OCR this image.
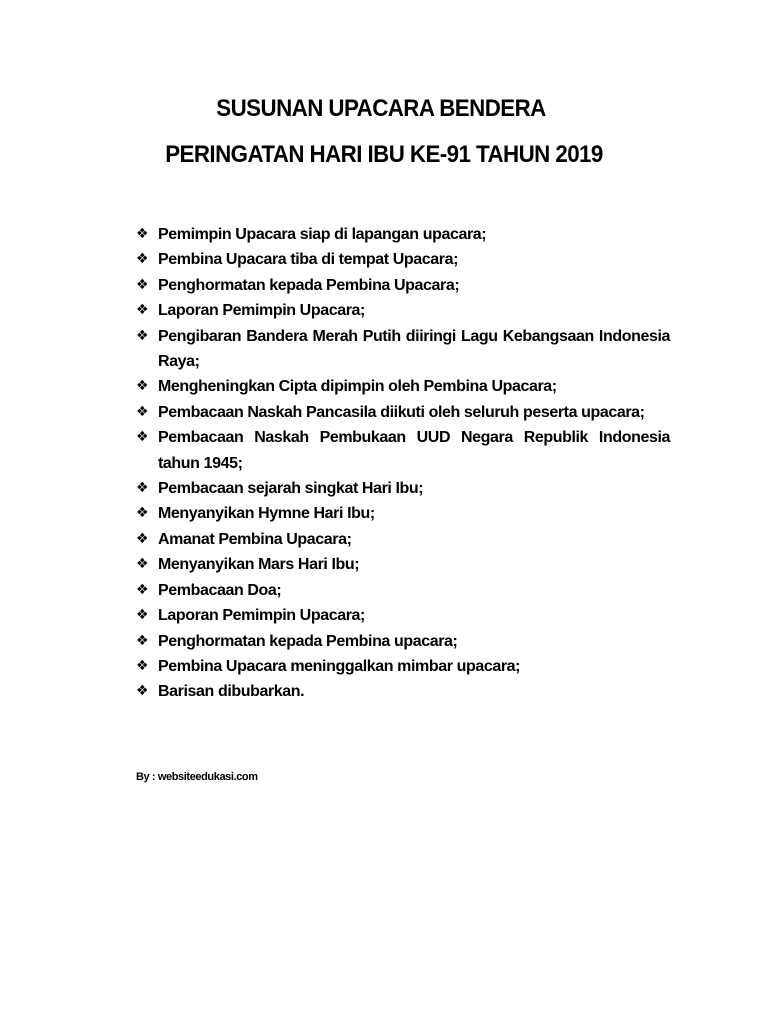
SUSUNAN UPACARA BENDERA
PERINGATAN HARI IBU KE-91 TAHUN 2019
❖ Pemimpin Upacara siap di lapangan upacara;
❖ Pembina Upacara tiba di tempat Upacara;
❖ Penghormatan kepada Pembina Upacara;
❖ Laporan Pemimpin Upacara;
❖ Pengibaran Bandera Merah Putih diiringi Lagu Kebangsaan Indonesia Raya;
❖ Mengheningkan Cipta dipimpin oleh Pembina Upacara;
❖ Pembacaan Naskah Pancasila diikuti oleh seluruh peserta upacara;
❖ Pembacaan Naskah Pembukaan UUD Negara Republik Indonesia tahun 1945;
❖ Pembacaan sejarah singkat Hari Ibu;
❖ Menyanyikan Hymne Hari Ibu;
❖ Amanat Pembina Upacara;
❖ Menyanyikan Mars Hari Ibu;
❖ Pembacaan Doa;
❖ Laporan Pemimpin Upacara;
❖ Penghormatan kepada Pembina upacara;
❖ Pembina Upacara meninggalkan mimbar upacara;
❖ Barisan dibubarkan.
By : websiteedukasi.com
